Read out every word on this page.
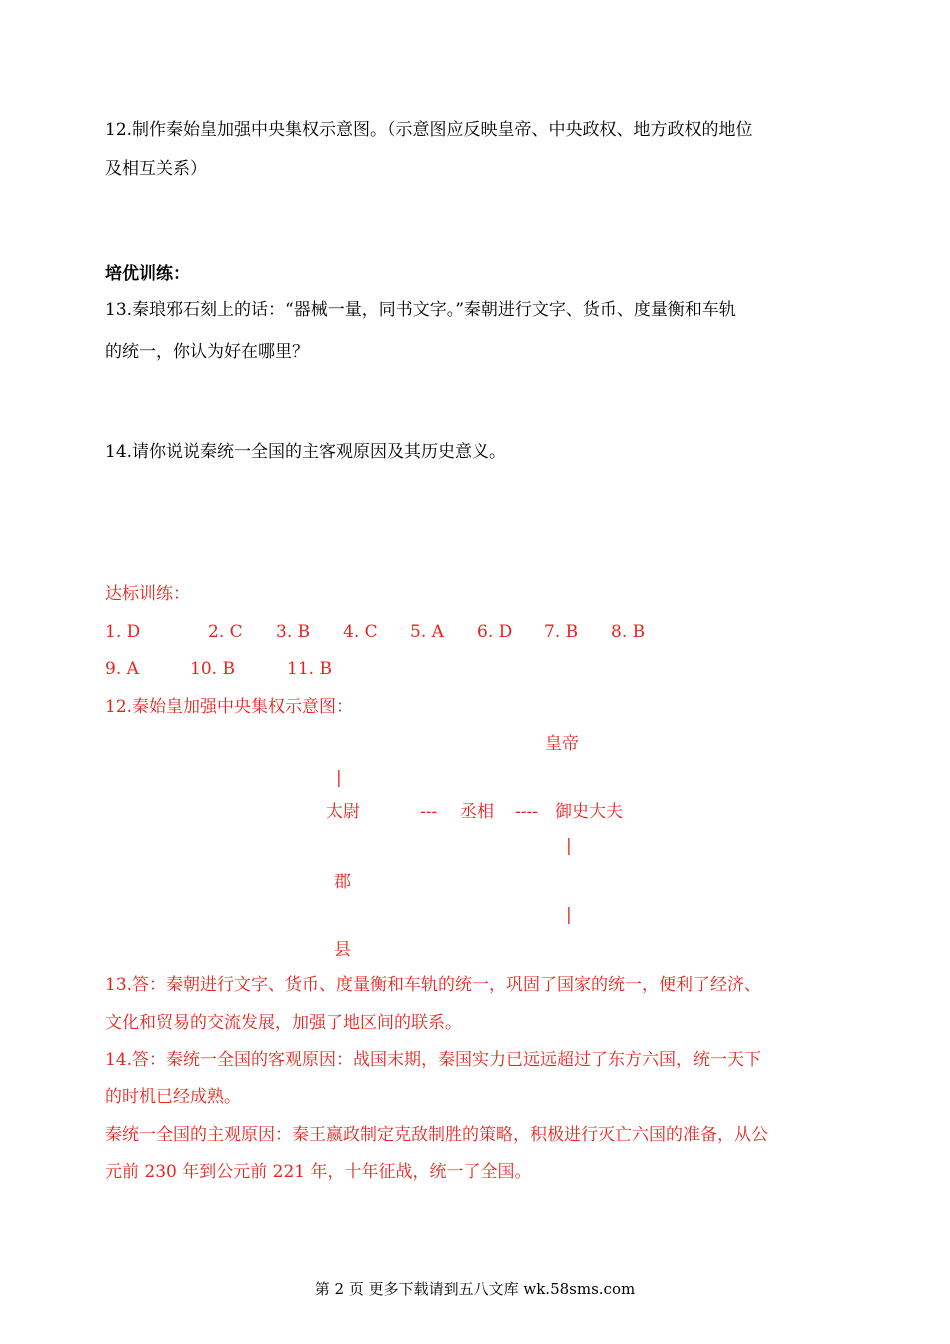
12.制作秦始皇加强中央集权示意图。（示意图应反映皇帝、中央政权、地方政权的地位
及相互关系）
培优训练：
13.秦琅邪石刻上的话：“器械一量，同书文字。”秦朝进行文字、货币、度量衡和车轨
的统一，你认为好在哪里？
14.请你说说秦统一全国的主客观原因及其历史意义。
达标训练：
1. D	2. C 3. B 4. C 5. A 6. D 7. B 8. B
9. A	10. B	11. B
12.秦始皇加强中央集权示意图：
皇帝
|
太尉	--- 丞相 ---- 御史大夫
|
郡
|
县
13.答：秦朝进行文字、货币、度量衡和车轨的统一，巩固了国家的统一，便利了经济、
文化和贸易的交流发展，加强了地区间的联系。
14.答：秦统一全国的客观原因：战国末期，秦国实力已远远超过了东方六国，统一天下
的时机已经成熟。
秦统一全国的主观原因：秦王嬴政制定克敌制胜的策略，积极进行灭亡六国的准备，从公
元前 230 年到公元前 221 年，十年征战，统一了全国。
第 2 页 更多下载请到五八文库 wk.58sms.com
